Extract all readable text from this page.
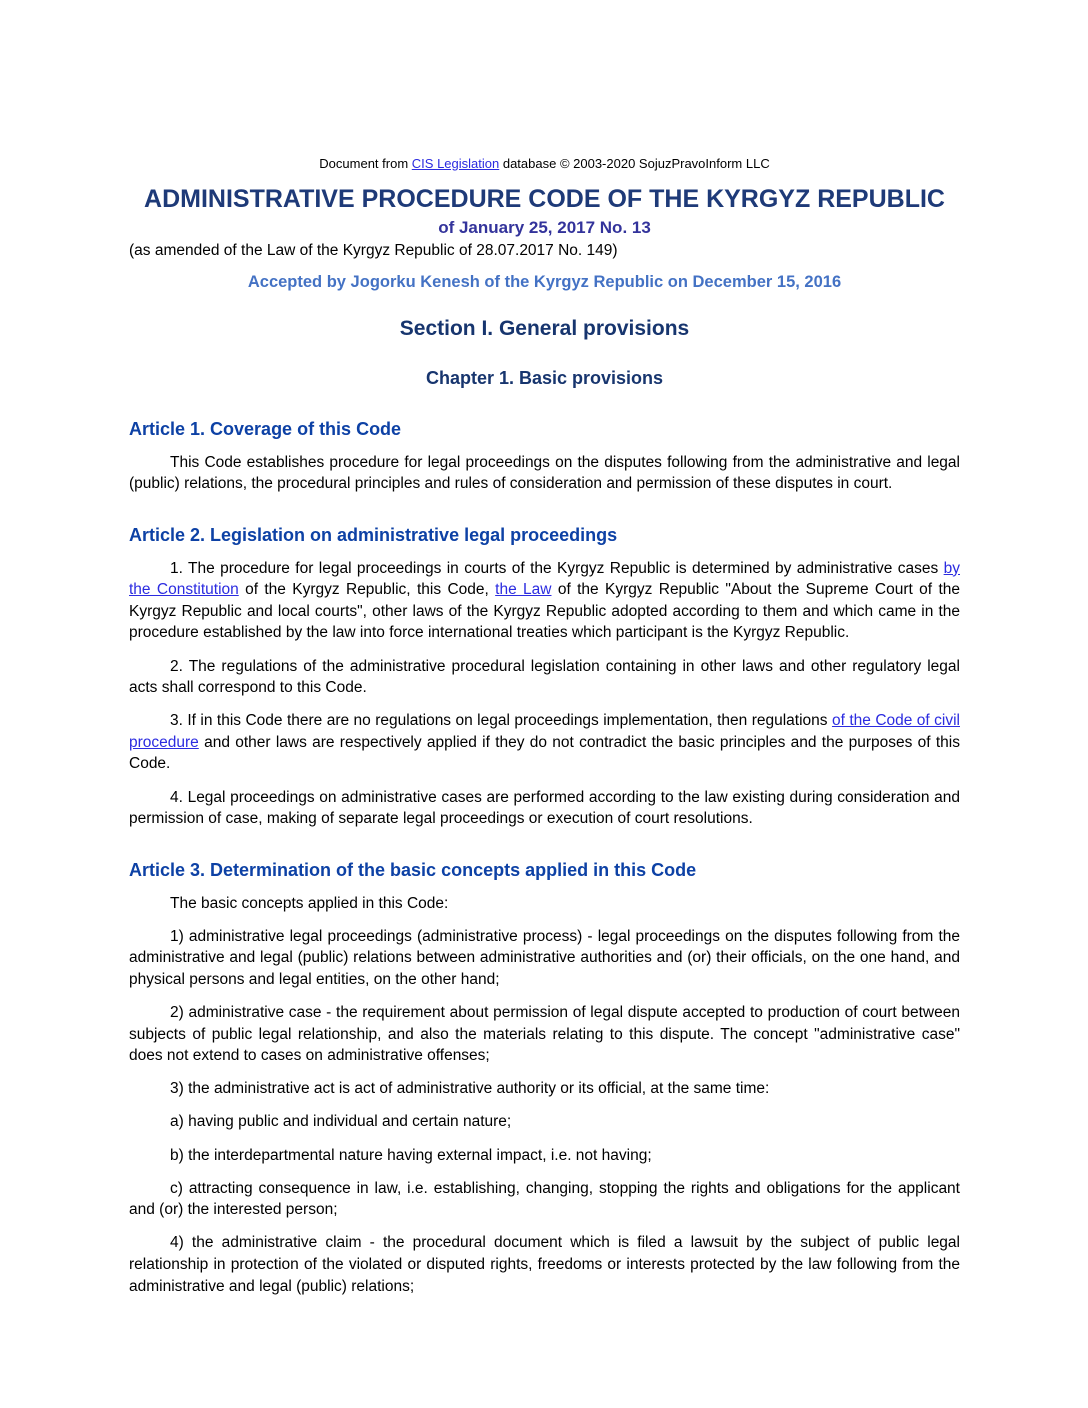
Document from CIS Legislation database © 2003-2020 SojuzPravoInform LLC

ADMINISTRATIVE PROCEDURE CODE OF THE KYRGYZ REPUBLIC

of January 25, 2017 No. 13

(as amended of the Law of the Kyrgyz Republic of 28.07.2017 No. 149)

Accepted by Jogorku Kenesh of the Kyrgyz Republic on December 15, 2016

Section I. General provisions
Chapter 1. Basic provisions
Article 1. Coverage of this Code

This Code establishes procedure for legal proceedings on the disputes following from the administrative and legal (public) relations, the procedural principles and rules of consideration and permission of these disputes in court.

Article 2. Legislation on administrative legal proceedings

1. The procedure for legal proceedings in courts of the Kyrgyz Republic is determined by administrative cases by the Constitution of the Kyrgyz Republic, this Code, the Law of the Kyrgyz Republic "About the Supreme Court of the Kyrgyz Republic and local courts", other laws of the Kyrgyz Republic adopted according to them and which came in the procedure established by the law into force international treaties which participant is the Kyrgyz Republic.

2. The regulations of the administrative procedural legislation containing in other laws and other regulatory legal acts shall correspond to this Code.

3. If in this Code there are no regulations on legal proceedings implementation, then regulations of the Code of civil procedure and other laws are respectively applied if they do not contradict the basic principles and the purposes of this Code.

4. Legal proceedings on administrative cases are performed according to the law existing during consideration and permission of case, making of separate legal proceedings or execution of court resolutions.

Article 3. Determination of the basic concepts applied in this Code

The basic concepts applied in this Code:

1) administrative legal proceedings (administrative process) - legal proceedings on the disputes following from the administrative and legal (public) relations between administrative authorities and (or) their officials, on the one hand, and physical persons and legal entities, on the other hand;

2) administrative case - the requirement about permission of legal dispute accepted to production of court between subjects of public legal relationship, and also the materials relating to this dispute. The concept "administrative case" does not extend to cases on administrative offenses;

3) the administrative act is act of administrative authority or its official, at the same time:

a) having public and individual and certain nature;

b) the interdepartmental nature having external impact, i.e. not having;

c) attracting consequence in law, i.e. establishing, changing, stopping the rights and obligations for the applicant and (or) the interested person;

4) the administrative claim - the procedural document which is filed a lawsuit by the subject of public legal relationship in protection of the violated or disputed rights, freedoms or interests protected by the law following from the administrative and legal (public) relations;
